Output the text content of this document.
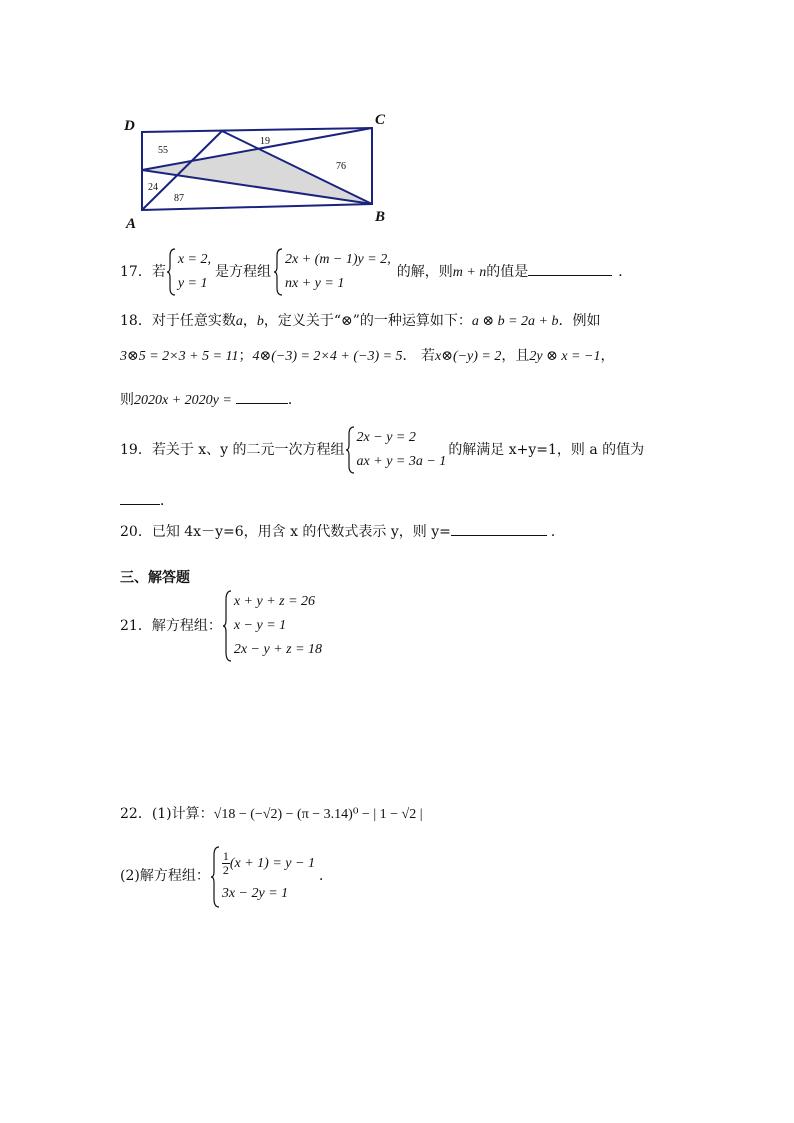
D	C
A	B
55
19
76
24
87
17．若
x = 2,
y = 1
是方程组
2x + (m − 1)y = 2,
nx + y = 1
的解，则m + n的值是	．
18．对于任意实数a，b，定义关于“⊗”的一种运算如下：a ⊗ b = 2a + b．例如
3⊗5 = 2×3 + 5 = 11；4⊗(−3) = 2×4 + (−3) = 5． 若x⊗(−y) = 2，且2y ⊗ x = −1，
则2020x + 2020y =	．
19．若关于 x、y 的二元一次方程组
2x − y = 2
ax + y = 3a − 1
的解满足 x+y=1，则 a 的值为
．
20．已知 4x－y=6，用含 x 的代数式表示 y，则 y=	．
三、解答题
21．解方程组：
x + y + z = 26
x − y = 1
2x − y + z = 18
22．(1)计算：√18 − (−√2) − (π − 3.14)⁰ − | 1 − √2 |
(2)解方程组： $\frac{1}{2} (x + 1) = y - 1$
3x − 2y = 1
．
